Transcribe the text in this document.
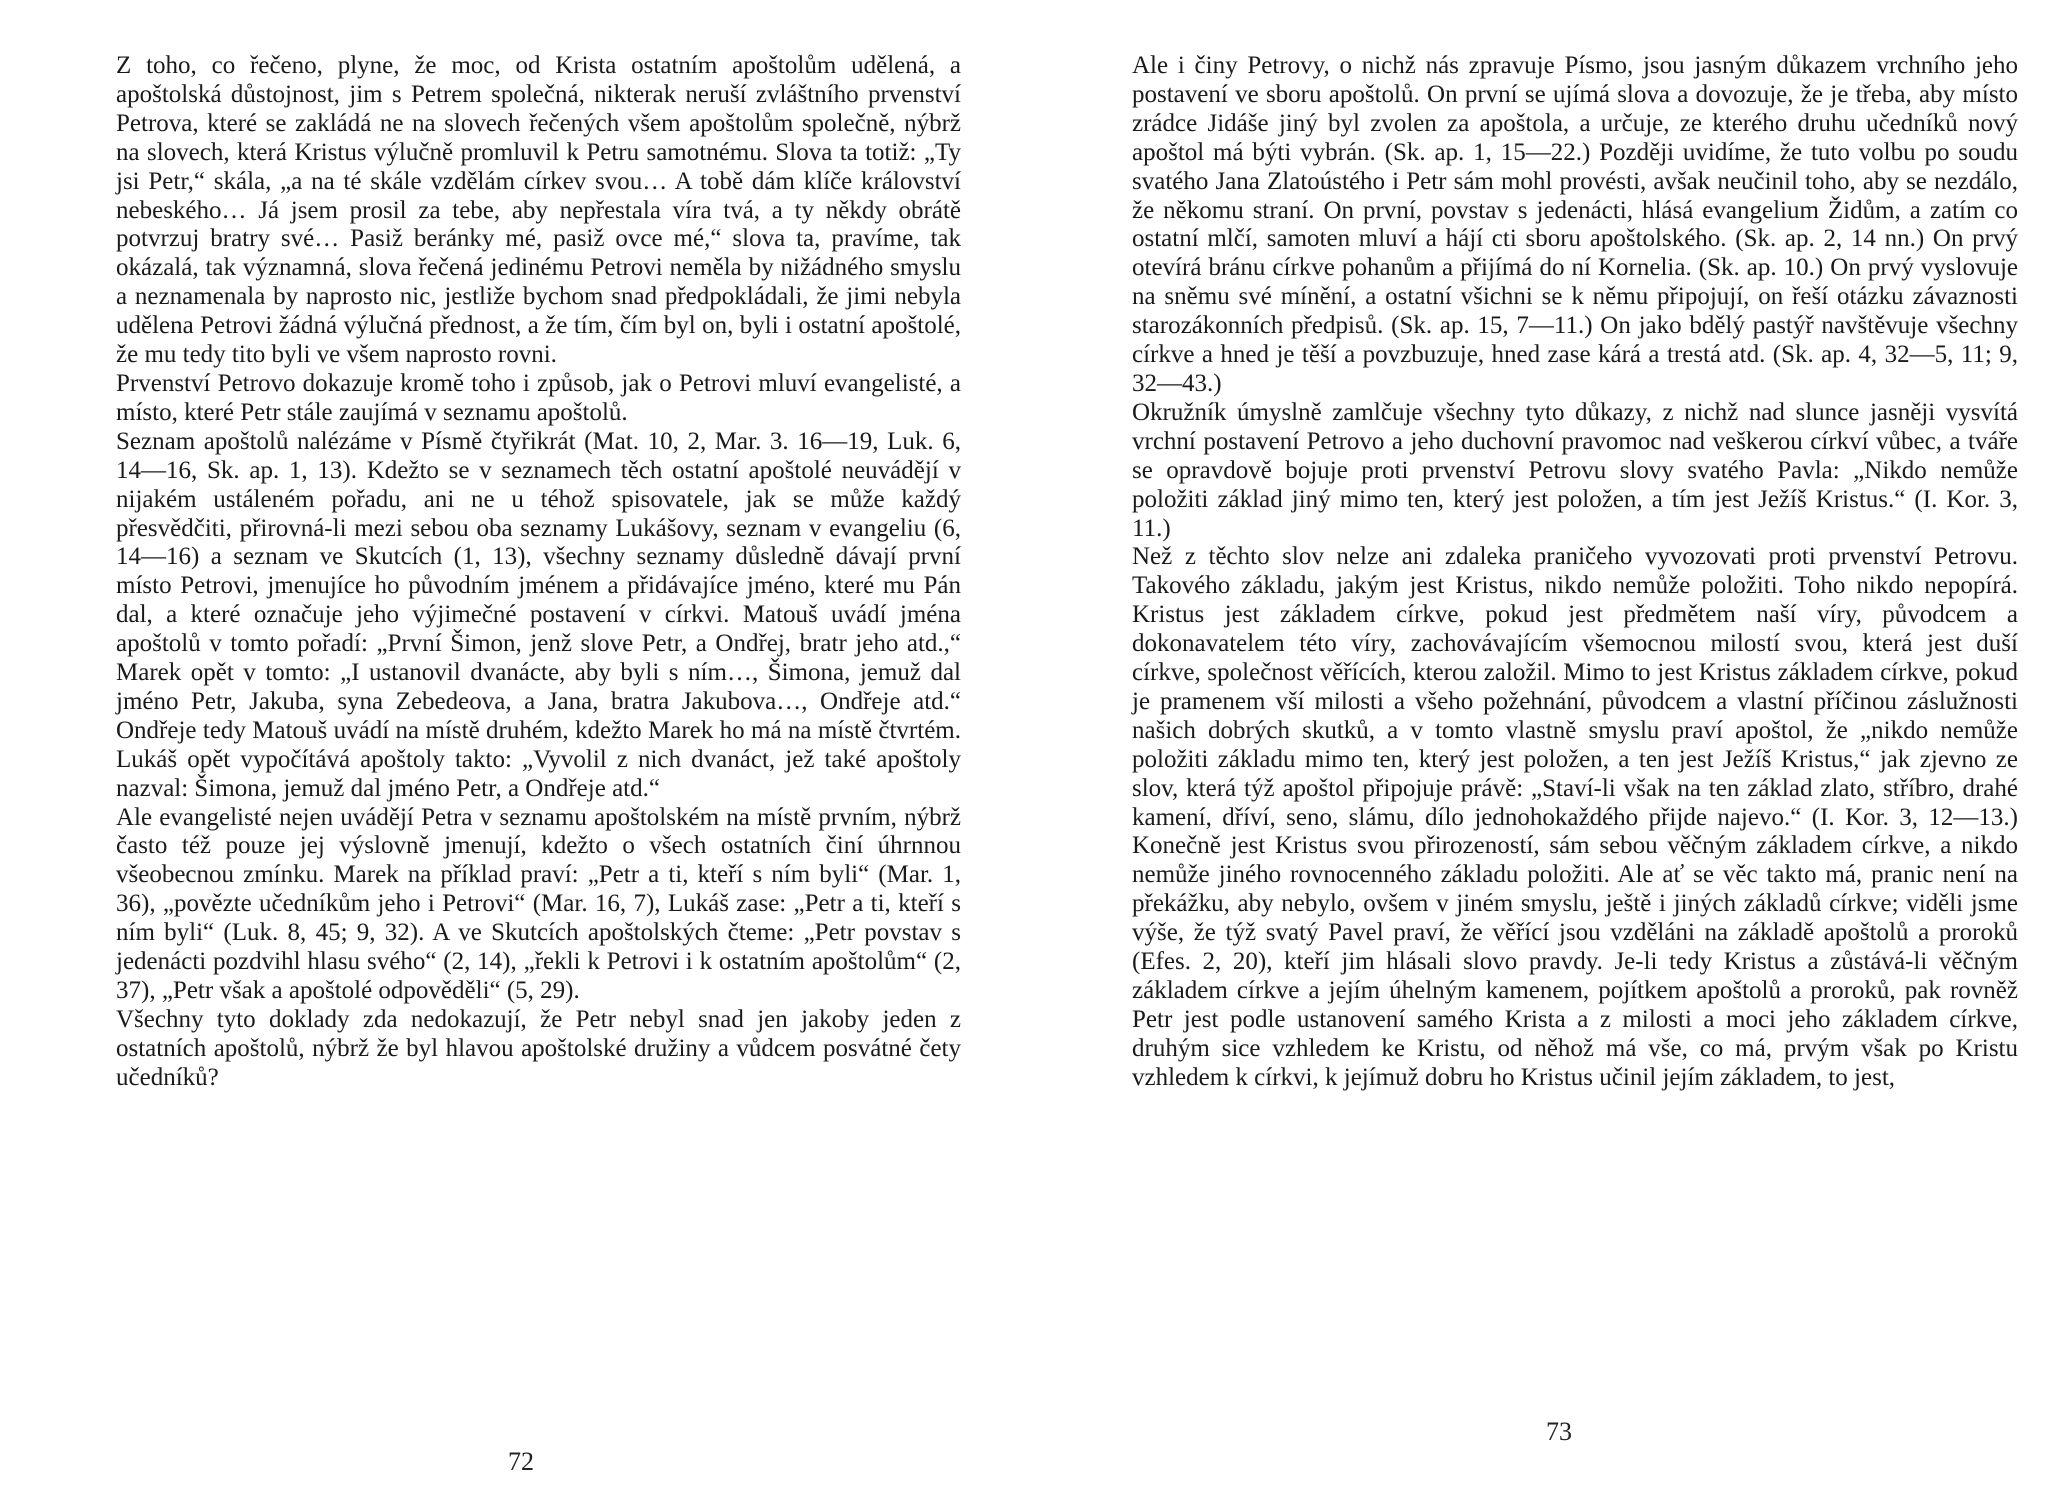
Z toho, co řečeno, plyne, že moc, od Krista ostatním apoštolům udělená, a apoštolská důstojnost, jim s Petrem společná, nikterak neruší zvláštního prvenství Petrova, které se zakládá ne na slovech řečených všem apoštolům společně, nýbrž na slovech, která Kristus výlučně promluvil k Petru samotnému. Slova ta totiž: „Ty jsi Petr,“ skála, „a na té skále vzdělám církev svou… A tobě dám klíče království nebeského… Já jsem prosil za tebe, aby nepřestala víra tvá, a ty někdy obrátě potvrzuj bratry své… Pasiž beránky mé, pasiž ovce mé,“ slova ta, pravíme, tak okázalá, tak významná, slova řečená jedinému Petrovi neměla by nižádného smyslu a neznamenala by naprosto nic, jestliže bychom snad předpokládali, že jimi nebyla udělena Petrovi žádná výlučná přednost, a že tím, čím byl on, byli i ostatní apoštolé, že mu tedy tito byli ve všem naprosto rovni.

Prvenství Petrovo dokazuje kromě toho i způsob, jak o Petrovi mluví evangelisté, a místo, které Petr stále zaujímá v seznamu apoštolů.

Seznam apoštolů nalézáme v Písmě čtyřikrát (Mat. 10, 2, Mar. 3. 16—19, Luk. 6, 14—16, Sk. ap. 1, 13). Kdežto se v seznamech těch ostatní apoštolé neuvádějí v nijakém ustáleném pořadu, ani ne u téhož spisovatele, jak se může každý přesvědčiti, přirovná-li mezi sebou oba seznamy Lukášovy, seznam v evangeliu (6, 14—16) a seznam ve Skutcích (1, 13), všechny seznamy důsledně dávají první místo Petrovi, jmenujíce ho původním jménem a přidávajíce jméno, které mu Pán dal, a které označuje jeho výjimečné postavení v církvi. Matouš uvádí jména apoštolů v tomto pořadí: „První Šimon, jenž slove Petr, a Ondřej, bratr jeho atd.,“ Marek opět v tomto: „I ustanovil dvanácte, aby byli s ním…, Šimona, jemuž dal jméno Petr, Jakuba, syna Zebedeova, a Jana, bratra Jakubova…, Ondřeje atd.“ Ondřeje tedy Matouš uvádí na místě druhém, kdežto Marek ho má na místě čtvrtém. Lukáš opět vypočítává apoštoly takto: „Vyvolil z nich dvanáct, jež také apoštoly nazval: Šimona, jemuž dal jméno Petr, a Ondřeje atd.“

Ale evangelisté nejen uvádějí Petra v seznamu apoštolském na místě prvním, nýbrž často též pouze jej výslovně jmenují, kdežto o všech ostatních činí úhrnnou všeobecnou zmínku. Marek na příklad praví: „Petr a ti, kteří s ním byli“ (Mar. 1, 36), „povězte učedníkům jeho i Petrovi“ (Mar. 16, 7), Lukáš zase: „Petr a ti, kteří s ním byli“ (Luk. 8, 45; 9, 32). A ve Skutcích apoštolských čteme: „Petr povstav s jedenácti pozdvihl hlasu svého“ (2, 14), „řekli k Petrovi i k ostatním apoštolům“ (2, 37), „Petr však a apoštolé odpověděli“ (5, 29).

Všechny tyto doklady zda nedokazují, že Petr nebyl snad jen jakoby jeden z ostatních apoštolů, nýbrž že byl hlavou apoštolské družiny a vůdcem posvátné čety učedníků?

72

Ale i činy Petrovy, o nichž nás zpravuje Písmo, jsou jasným důkazem vrchního jeho postavení ve sboru apoštolů. On první se ujímá slova a dovozuje, že je třeba, aby místo zrádce Jidáše jiný byl zvolen za apoštola, a určuje, ze kterého druhu učedníků nový apoštol má býti vybrán. (Sk. ap. 1, 15—22.) Později uvidíme, že tuto volbu po soudu svatého Jana Zlatoústého i Petr sám mohl provésti, avšak neučinil toho, aby se nezdálo, že někomu straní. On první, povstav s jedenácti, hlásá evangelium Židům, a zatím co ostatní mlčí, samoten mluví a hájí cti sboru apoštolského. (Sk. ap. 2, 14 nn.) On prvý otevírá bránu církve pohanům a přijímá do ní Kornelia. (Sk. ap. 10.) On prvý vyslovuje na sněmu své mínění, a ostatní všichni se k němu připojují, on řeší otázku závaznosti starozákonních předpisů. (Sk. ap. 15, 7—11.) On jako bdělý pastýř navštěvuje všechny církve a hned je těší a povzbuzuje, hned zase kárá a trestá atd. (Sk. ap. 4, 32—5, 11; 9, 32—43.)

Okružník úmyslně zamlčuje všechny tyto důkazy, z nichž nad slunce jasněji vysvítá vrchní postavení Petrovo a jeho duchovní pravomoc nad veškerou církví vůbec, a tváře se opravdově bojuje proti prvenství Petrovu slovy svatého Pavla: „Nikdo nemůže položiti základ jiný mimo ten, který jest položen, a tím jest Ježíš Kristus.“ (I. Kor. 3, 11.)

Než z těchto slov nelze ani zdaleka praničeho vyvozovati proti prvenství Petrovu. Takového základu, jakým jest Kristus, nikdo nemůže položiti. Toho nikdo nepopírá. Kristus jest základem církve, pokud jest předmětem naší víry, původcem a dokonavatelem této víry, zachovávajícím všemocnou milostí svou, která jest duší církve, společnost věřících, kterou založil. Mimo to jest Kristus základem církve, pokud je pramenem vší milosti a všeho požehnání, původcem a vlastní příčinou záslužnosti našich dobrých skutků, a v tomto vlastně smyslu praví apoštol, že „nikdo nemůže položiti základu mimo ten, který jest položen, a ten jest Ježíš Kristus,“ jak zjevno ze slov, která týž apoštol připojuje právě: „Staví-li však na ten základ zlato, stříbro, drahé kamení, dříví, seno, slámu, dílo jednohokaždého přijde najevo.“ (I. Kor. 3, 12—13.) Konečně jest Kristus svou přirozeností, sám sebou věčným základem církve, a nikdo nemůže jiného rovnocenného základu položiti. Ale ať se věc takto má, pranic není na překážku, aby nebylo, ovšem v jiném smyslu, ještě i jiných základů církve; viděli jsme výše, že týž svatý Pavel praví, že věřící jsou vzděláni na základě apoštolů a proroků (Efes. 2, 20), kteří jim hlásali slovo pravdy. Je-li tedy Kristus a zůstává-li věčným základem církve a jejím úhelným kamenem, pojítkem apoštolů a proroků, pak rovněž Petr jest podle ustanovení samého Krista a z milosti a moci jeho základem církve, druhým sice vzhledem ke Kristu, od něhož má vše, co má, prvým však po Kristu vzhledem k církvi, k jejímuž dobru ho Kristus učinil jejím základem, to jest,

73
